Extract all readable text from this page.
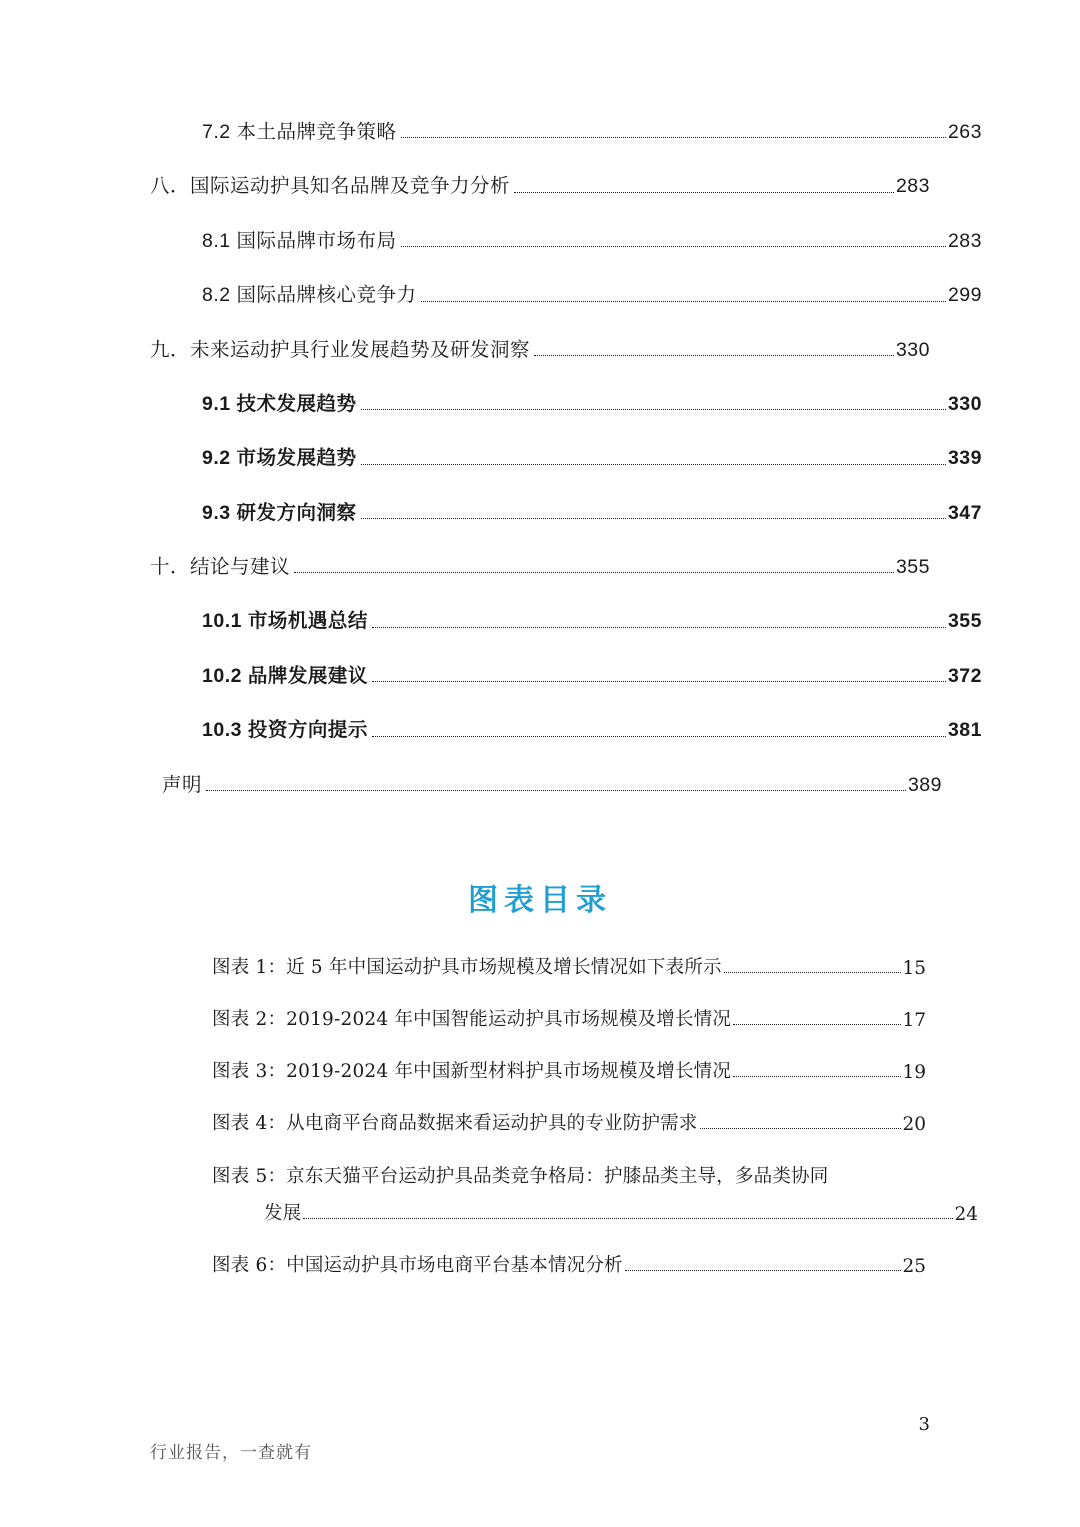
7.2 本土品牌竞争策略	263
八．国际运动护具知名品牌及竞争力分析	283
8.1 国际品牌市场布局	283
8.2 国际品牌核心竞争力	299
九．未来运动护具行业发展趋势及研发洞察	330
9.1 技术发展趋势	330
9.2 市场发展趋势	339
9.3 研发方向洞察	347
十．结论与建议	355
10.1 市场机遇总结	355
10.2 品牌发展建议	372
10.3 投资方向提示	381
声明	389
图表目录
图表 1：近 5 年中国运动护具市场规模及增长情况如下表所示	15
图表 2：2019-2024 年中国智能运动护具市场规模及增长情况	17
图表 3：2019-2024 年中国新型材料护具市场规模及增长情况	19
图表 4：从电商平台商品数据来看运动护具的专业防护需求	20
图表 5：京东天猫平台运动护具品类竞争格局：护膝品类主导，多品类协同
发展	24
图表 6：中国运动护具市场电商平台基本情况分析	25
3
行业报告，一查就有
